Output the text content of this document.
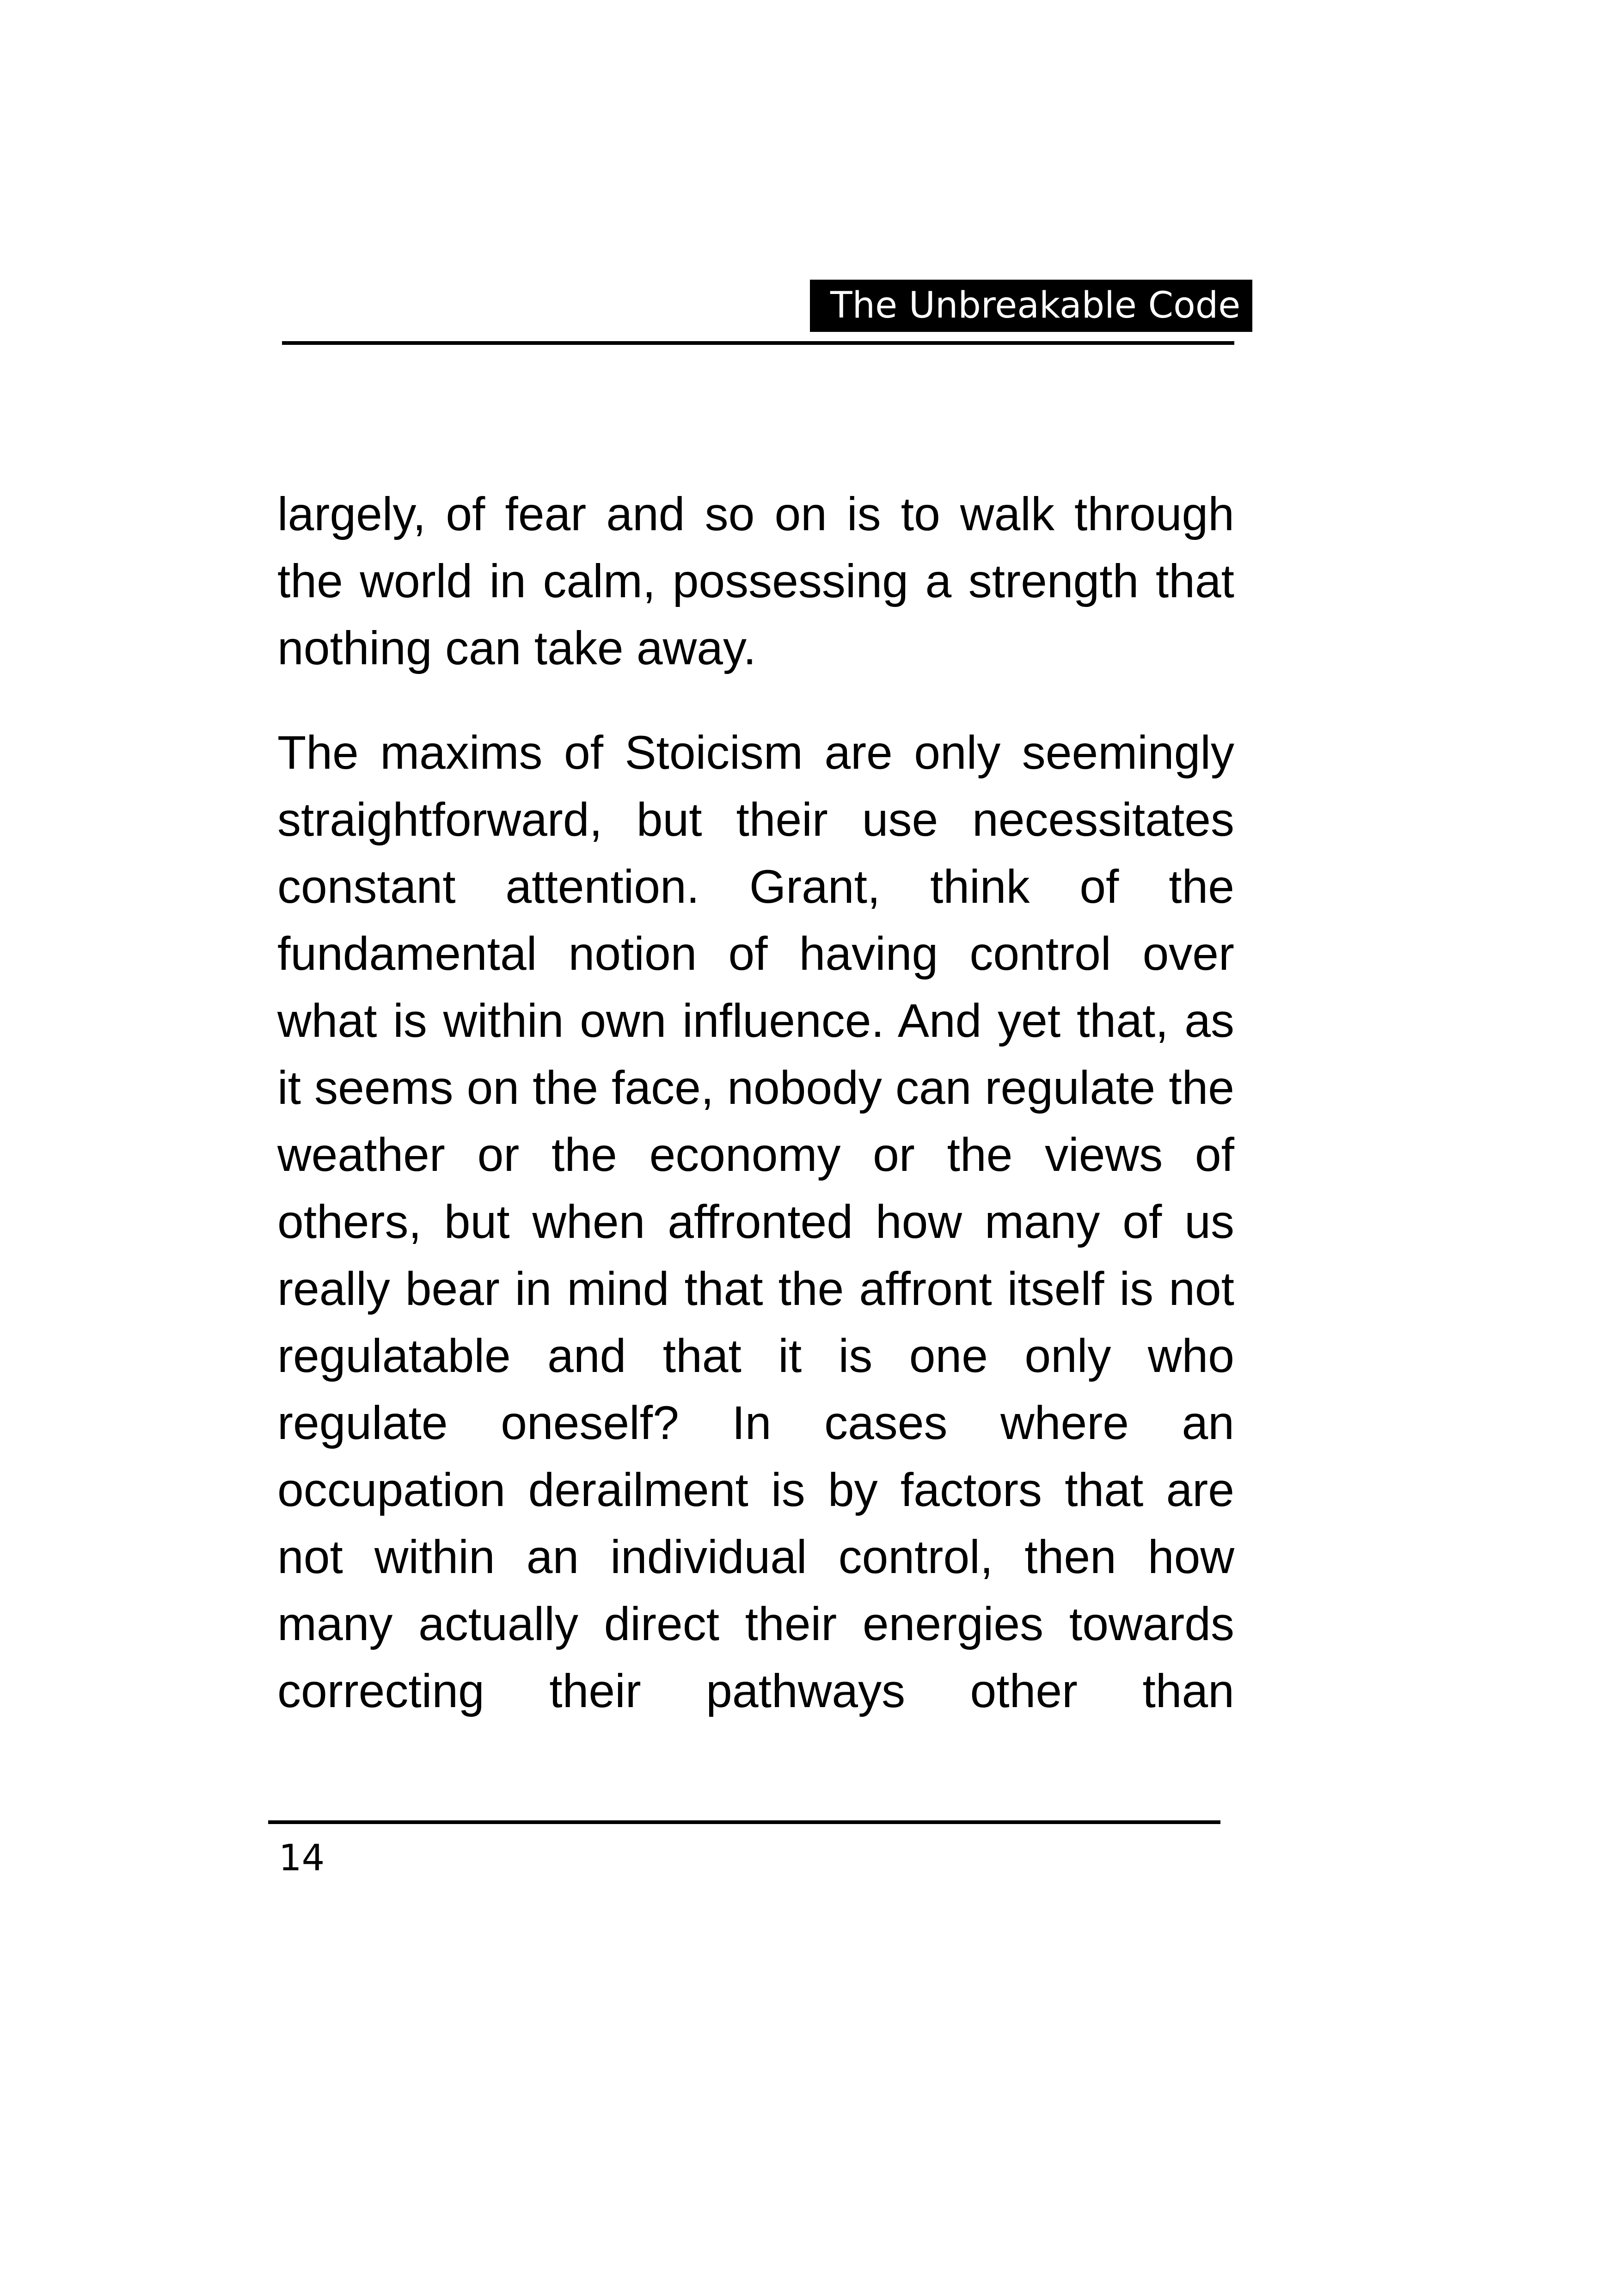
The Unbreakable Code

largely, of fear and so on is to walk through the world in calm, possessing a strength that nothing can take away.

The maxims of Stoicism are only seemingly straightforward, but their use necessitates constant attention. Grant, think of the fundamental notion of having control over what is within own influence. And yet that, as it seems on the face, nobody can regulate the weather or the economy or the views of others, but when affronted how many of us really bear in mind that the affront itself is not regulatable and that it is one only who regulate oneself? In cases where an occupation derailment is by factors that are not within an individual control, then how many actually direct their energies towards correcting their pathways other than

14
